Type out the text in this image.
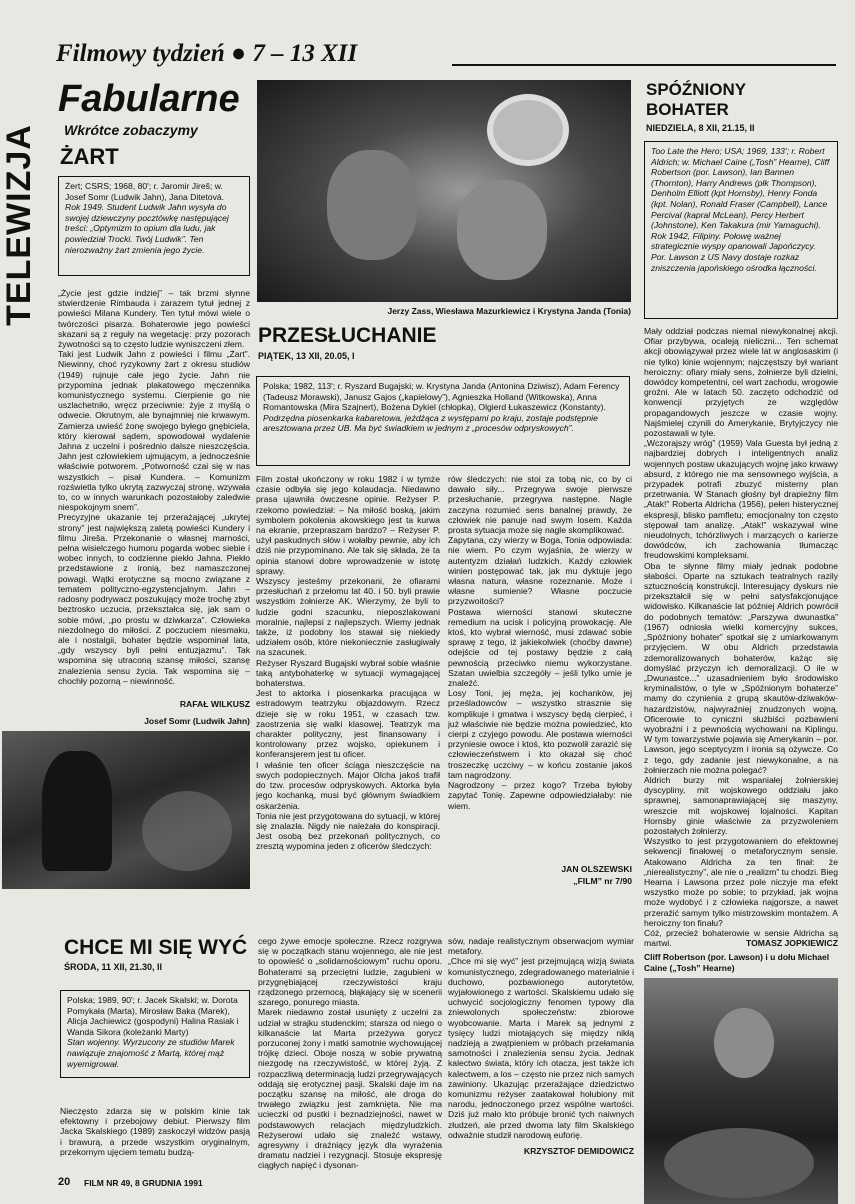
Filmowy tydzień ● 7 – 13 XII
TELEWIZJA
Fabularne
Wkrótce zobaczymy
ŻART
Żert; CSRS; 1968, 80'; r. Jaromir Jireš; w. Josef Somr (Ludwik Jahn), Jana Ditetová.
Rok 1949. Student Ludwik Jahn wysyła do swojej dziewczyny pocztówkę następującej treści: „Optymizm to opium dla ludu, jak powiedział Trocki. Twój Ludwik”. Ten nierozważny żart zmienia jego życie.

„Życie jest gdzie indziej” – tak brzmi słynne stwierdzenie Rimbauda i zarazem tytuł jednej z powieści Milana Kundery. Ten tytuł mówi wiele o twórczości pisarza. Bohaterowie jego powieści skazani są z reguły na wegetację: przy pozorach żywotności są to często ludzie wyniszczeni złem.
Taki jest Ludwik Jahn z powieści i filmu „Żart”. Niewinny, choć ryzykowny żart z okresu studiów (1949) rujnuje całe jego życie. Jahn nie przypomina jednak plakatowego męczennika komunistycznego systemu. Cierpienie go nie uszlachetniło, wręcz przeciwnie: żyje z myślą o odwecie. Okrutnym, ale bynajmniej nie krwawym. Zamierza uwieść żonę swojego byłego gnębiciela, który kierował sądem, spowodował wydalenie Jahna z uczelni i pośrednio dalsze nieszczęścia. Jahn jest człowiekiem ujmującym, a jednocześnie właściwie potworem. „Potworność czai się w nas wszystkich – pisał Kundera. – Komunizm rozświetla tylko ukrytą zazwyczaj stronę, wzywała to, co w innych warunkach pozostałoby zaledwie niespokojnym snem”.
Precyzyjne ukazanie tej przerażającej „ukrytej strony” jest największą zaletą powieści Kundery i filmu Jireša. Przekonanie o własnej marności, pełna wisielczego humoru pogarda wobec siebie i wobec innych, to codzienne piekło Jahna. Piekło przedstawione z ironią, bez namaszczonej powagi. Wątki erotyczne są mocno związane z tematem polityczno-egzystencjalnym. Jahn – radosny podrywacz poszukujący może trochę zbyt beztrosko uczucia, przekształca się, jak sam o sobie mówi, „po prostu w dziwkarza”. Człowieka niezdolnego do miłości. Z poczuciem niesmaku, ale i nostalgii, bohater będzie wspominał lata, „gdy wszyscy byli pełni entuzjazmu”. Tak wspomina się utraconą szansę miłości, szansę znalezienia sensu życia. Tak wspomina się – chochły pozorną – niewinność.

RAFAŁ WILKUSZ
Josef Somr (Ludwik Jahn)
Jerzy Zass, Wiesława Mazurkiewicz i Krystyna Janda (Tonia)
PRZESŁUCHANIE
PIĄTEK, 13 XII, 20.05, I
Polska; 1982, 113'; r. Ryszard Bugajski; w. Krystyna Janda (Antonina Dziwisz), Adam Ferency (Tadeusz Morawski), Janusz Gajos („kapielowy”), Agnieszka Holland (Witkowska), Anna Romantowska (Mira Szajnert), Bożena Dykiel (chłopka), Olgierd Łukaszewicz (Konstanty).
Podrzędna piosenkarka kabaretowa, jeżdżąca z występami po kraju, zostaje podstępnie aresztowana przez UB. Ma być świadkiem w jednym z „procesów odpryskowych”.

Film został ukończony w roku 1982 i w tymże czasie odbyła się jego kolaudacja. Niedawno prasa ujawniła ówczesne opinie. Reżyser P. rzekomo powiedział: – Na miłość boską, jakim symbolem pokolenia akowskiego jest ta kurwa na ekranie, przepraszam bardzo? – Reżyser P. użył paskudnych słów i wołałby pewnie, aby ich dziś nie przypominano. Ale tak się składa, że ta opinia stanowi dobre wprowadzenie w istotę sprawy.
Wszyscy jesteśmy przekonani, że ofiarami przesłuchań z przełomu lat 40. i 50. byli prawie wszystkim żołnierze AK. Wierzymy, że byli to ludzie godni szacunku, nieposzlakowani moralnie, najlepsi z najlepszych. Wiemy jednak także, iż podobny los stawał się niekiedy udziałem osób, które niekoniecznie zasługiwały na szacunek.
Reżyser Ryszard Bugajski wybrał sobie właśnie taką antybohaterkę w sytuacji wymagającej bohaterstwa.
Jest to aktorka i piosenkarka pracująca w estradowym teatrzyku objazdowym. Rzecz dzieje się w roku 1951, w czasach tzw. zaostrzenia się walki klasowej. Teatrzyk ma charakter polityczny, jest finansowany i kontrolowany przez wojsko, opiekunem i konferansjerem jest tu oficer.
I właśnie ten oficer ściąga nieszczęście na swych podopiecznych. Major Olcha jakoś trafił do tzw. procesów odpryskowych. Aktorka była jego kochanką, musi być głównym świadkiem oskarżenia.
Tonia nie jest przygotowana do sytuacji, w której się znalazła. Nigdy nie należała do konspiracji. Jest osobą bez przekonań politycznych, co zresztą wypomina jeden z oficerów śledczych:

rów śledczych: nie stoi za tobą nic, co by ci dawało siły... Przegrywa swoje pierwsze przesłuchanie, przegrywa następne. Nagle zaczyna rozumieć sens banalnej prawdy, że człowiek nie panuje nad swym losem. Każda prosta sytuacja może się nagle skomplikować.
Zapytana, czy wierzy w Boga, Tonia odpowiada: nie wiem. Po czym wyjaśnia, że wierzy w autentyzm działań ludzkich. Każdy człowiek winien postępować tak, jak mu dyktuje jego własna natura, własne rozeznanie. Może i własne sumienie? Własne poczucie przyzwoitości?
Postawa wierności stanowi skuteczne remedium na ucisk i policyjną prowokację. Ale ktoś, kto wybrał wierność, musi zdawać sobie sprawę z tego, iż jakiekolwiek (choćby dawne) odejście od tej postawy będzie z całą pewnością przeciwko niemu wykorzystane. Szatan uwielbia szczegóły – jeśli tylko umie je znaleźć.
Losy Toni, jej męża, jej kochanków, jej prześladowców – wszystko strasznie się komplikuje i gmatwa i wszyscy będą cierpieć, i już właściwie nie będzie można powiedzieć, kto cierpi z czyjego powodu. Ale postawa wierności przyniesie owoce i ktoś, kto pozwolił zarazić się człowieczeństwem i kto okazał się choć troszeczkę uczciwy – w końcu zostanie jakoś tam nagrodzony.
Nagrodzony – przez kogo? Trzeba byłoby zapytać Tonię. Zapewne odpowiedziałaby: nie wiem.

JAN OLSZEWSKI
„FILM” nr 7/90
SPÓŹNIONY
BOHATER
NIEDZIELA, 8 XII, 21.15, II
Too Late the Hero; USA; 1969, 133'; r. Robert Aldrich; w. Michael Caine („Tosh” Hearne), Cliff Robertson (por. Lawson), Ian Bannen (Thornton), Harry Andrews (płk Thompson), Denholm Elliott (kpt Hornsby), Henry Fonda (kpt. Nolan), Ronald Fraser (Campbell), Lance Percival (kapral McLean), Percy Herbert (Johnstone), Ken Takakura (mir Yamaguchi).
Rok 1942, Filipiny. Połowę ważnej strategicznie wyspy opanowali Japończycy. Por. Lawson z US Navy dostaje rozkaz zniszczenia japońskiego ośrodka łączności.

Mały oddział podczas niemal niewykonalnej akcji. Ofiar przybywa, ocaleją nieliczni... Ten schemat akcji obowiązywał przez wiele lat w anglosaskim (i nie tylko) kinie wojennym; najczęstszy był wariant heroiczny: ofiary miały sens, żołnierze byli dzielni, dowódcy kompetentni, cel wart zachodu, wrogowie groźni. Ale w latach 50. zaczęto odchodzić od konwencji przyjętych ze względów propagandowych jeszcze w czasie wojny. Najśmielej czynili do Amerykanie, Brytyjczycy nie pozostawali w tyle.
„Wczorajszy wróg” (1959) Vala Guesta był jedną z najbardziej dobrych i inteligentnych analiz wojennych postaw ukazujących wojnę jako krwawy absurd, z którego nie ma sensownego wyjścia, a przypadek potrafi zbuzyć misterny plan przetrwania. W Stanach głośny był drapieżny film „Atak!” Roberta Aldricha (1956), pełen histerycznej ekspresji, blisko pamfletu; emocjonalny ton często stępował tam analizę. „Atak!” wskazywał wine nieudolnych, tchórzliwych i marzących o karierze dowódców, ich zachowania tłumacząc freudowskimi kompleksami.
Oba te słynne filmy miały jednak podobne słabości. Oparte na sztukach teatralnych razily sztucznością konstrukcji. Interesujący dyskurs nie przekształcił się w pełni satysfakcjonujące widowisko. Kilkanaście lat później Aldrich powrócił do podobnych tematów: „Parszywa dwunastka” (1967) odniosła wielki komercyjny sukces, „Spóźniony bohater” spotkał się z umiarkowanym przyjęciem. W obu Aldrich przedstawia zdemoralizowanych bohaterów, każąc się domyślać przyczyn ich demoralizacji. O ile w „Dwunastce...” uzasadnieniem było środowisko kryminalistów, o tyle w „Spóźnionym bohaterze” mamy do czynienia z grupą skautów-dziwaków-hazardzistów, najwyraźniej znudzonych wojną. Oficerowie to cyniczni służbiści pozbawieni wyobraźni i z pewnością wychowani na Kiplingu. W tym towarzystwie pojawia się Amerykanin – por. Lawson, jego sceptycyzm i ironia są ożywcze. Co z tego, gdy zadanie jest niewykonalne, a na żołnierzach nie można polegać?
Aldrich burzy mit wspaniałej żołnierskiej dyscypliny, mit wojskowego oddziału jako sprawnej, samonaprawiającej się maszyny, wreszcie mit wojskowej lojalności. Kapitan Hornsby ginie właściwie za przyzwoleniem pozostałych żołnierzy.
Wszystko to jest przygotowaniem do efektownej sekwencji finałowej o metaforycznym sensie. Atakowano Aldricha za ten finał: że „nierealistyczny”, ale nie o „realizm” tu chodzi. Bieg Hearna i Lawsona przez pole niczyje ma efekt wszystko może po sobie; to przykład, jak wojna może wydobyć i z człowieka najgorsze, a nawet przeraźić samym tylko mistrzowskim montażem. A heroiczny ton finału?
Cóż, przecież bohaterowie w sensie Aldricha są martwi.	TOMASZ JOPKIEWICZ
Cliff Robertson (por. Lawson) i u dołu Michael Caine („Tosh” Hearne)
CHCE MI SIĘ WYĆ
ŚRODA, 11 XII, 21.30, II
Polska; 1989, 90'; r. Jacek Skalski; w. Dorota Pomykała (Marta), Mirosław Baka (Marek), Alicja Jachiewicz (gospodyni) Halina Rasiak i Wanda Sikora (koleżanki Marty)
Stan wojenny. Wyrzucony ze studiów Marek nawiązuje znajomość z Martą, której mąż wyemigrował.

Nieczęsto zdarza się w polskim kinie tak efektowny i przebojowy debiut. Pierwszy film Jacka Skalskiego (1989) zaskoczył widzów pasją i brawurą, a przede wszystkim oryginalnym, przekornym ujęciem tematu budzą-

cego żywe emocje społeczne. Rzecz rozgrywa się w początkach stanu wojennego, ale nie jest to opowieść o „solidarnościowym” ruchu oporu. Bohaterami są przeciętni ludzie, zagubieni w przygnębiającej rzeczywistości kraju rządzonego przemocą, błąkający się w scenerii szarego, ponurego miasta.
Marek niedawno został usunięty z uczelni za udział w strajku studenckim; starsza od niego o kilkanaście lat Marta przeżywa gorycz porzuconej żony i matki samotnie wychowującej trójkę dzieci. Oboje noszą w sobie prywatną niezgodę na rzeczywistość, w której żyją. Z rozpaczliwą determinacją ludzi przegrywających oddają się erotycznej pasji. Skalski daje im na początku szansę na miłość, ale droga do trwałego związku jest zamknięta. Nie ma ucieczki od pustki i beznadziejności, nawet w podstawowych relacjach międzyludzkich. Reżyserowi udało się znaleźć wstawy, agresywny i drażniący język dla wyrażenia dramatu nadziei i rezygnacji. Stosuje ekspresję ciągłych napięć i dysonan-

sów, nadaje realistycznym obserwacjom wymiar metafory.
„Chce mi się wyć” jest przejmującą wizją świata komunistycznego, zdegradowanego materialnie i duchowo, pozbawionego autorytetów, wyjałowionego z wartości. Skalskiemu udało się uchwycić socjologiczny fenomen typowy dla zniewolonych społeczeństw: zbiorowe wyobcowanie. Marta i Marek są jednymi z tysięcy ludzi miotających się między nikłą nadzieją a zwątpieniem w próbach przełamania samotności i znalezienia sensu życia. Jednak kalectwo świata, który ich otacza, jest także ich kalectwem, a los – często nie przez nich samych zawiniony. Ukazując przerażające dziedzictwo komunizmu reżyser zaatakował hołubiony mit narodu, jednoczonego przez wspólne wartości. Dziś już mało kto próbuje bronić tych naiwnych złudzeń, ale przed dwoma laty film Skalskiego odważnie studził narodową euforię.

KRZYSZTOF DEMIDOWICZ
20 FILM NR 49, 8 GRUDNIA 1991
